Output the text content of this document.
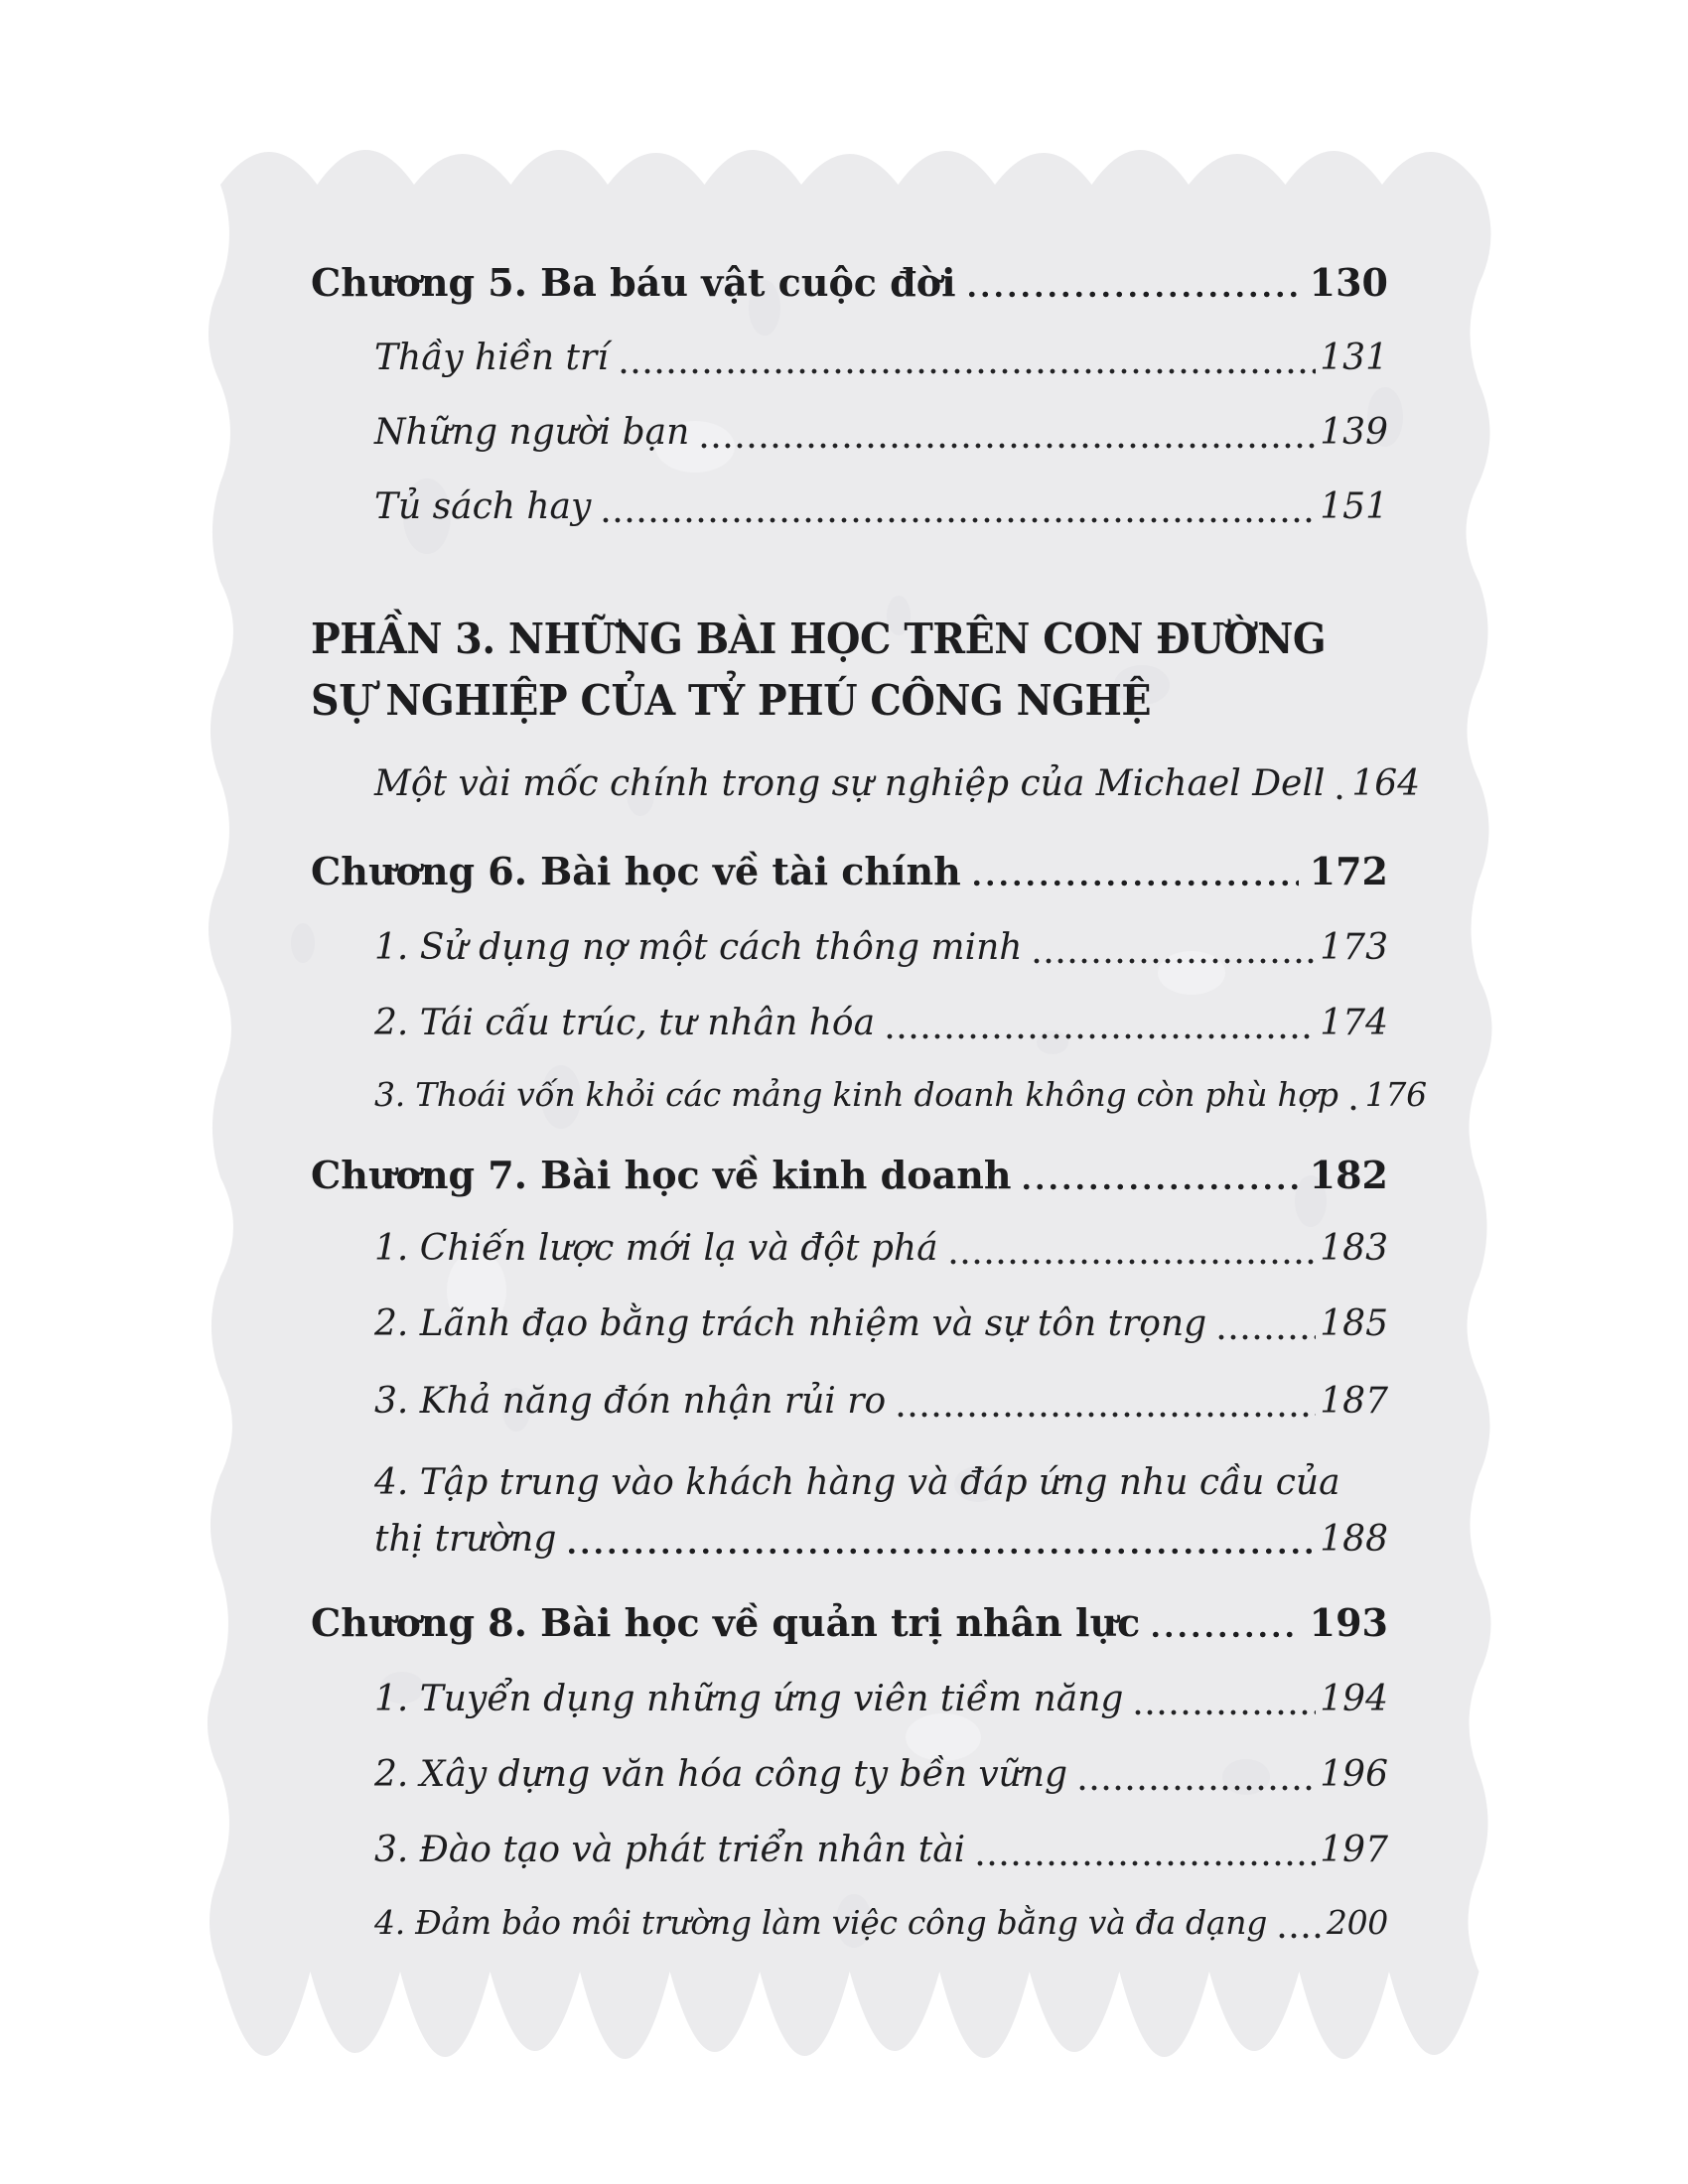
Chương 5. Ba báu vật cuộc đời	130
Thầy hiền trí	131
Những người bạn	139
Tủ sách hay	151
PHẦN 3. NHỮNG BÀI HỌC TRÊN CON ĐƯỜNG
SỰ NGHIỆP CỦA TỶ PHÚ CÔNG NGHỆ
Một vài mốc chính trong sự nghiệp của Michael Dell 164
Chương 6. Bài học về tài chính	172
1. Sử dụng nợ một cách thông minh	173
2. Tái cấu trúc, tư nhân hóa	174
3. Thoái vốn khỏi các mảng kinh doanh không còn phù hợp 176
Chương 7. Bài học về kinh doanh	182
1. Chiến lược mới lạ và đột phá	183
2. Lãnh đạo bằng trách nhiệm và sự tôn trọng	185
3. Khả năng đón nhận rủi ro	187
4. Tập trung vào khách hàng và đáp ứng nhu cầu của
thị trường	188
Chương 8. Bài học về quản trị nhân lực	193
1. Tuyển dụng những ứng viên tiềm năng	194
2. Xây dựng văn hóa công ty bền vững	196
3. Đào tạo và phát triển nhân tài	197
4. Đảm bảo môi trường làm việc công bằng và đa dạng 200
